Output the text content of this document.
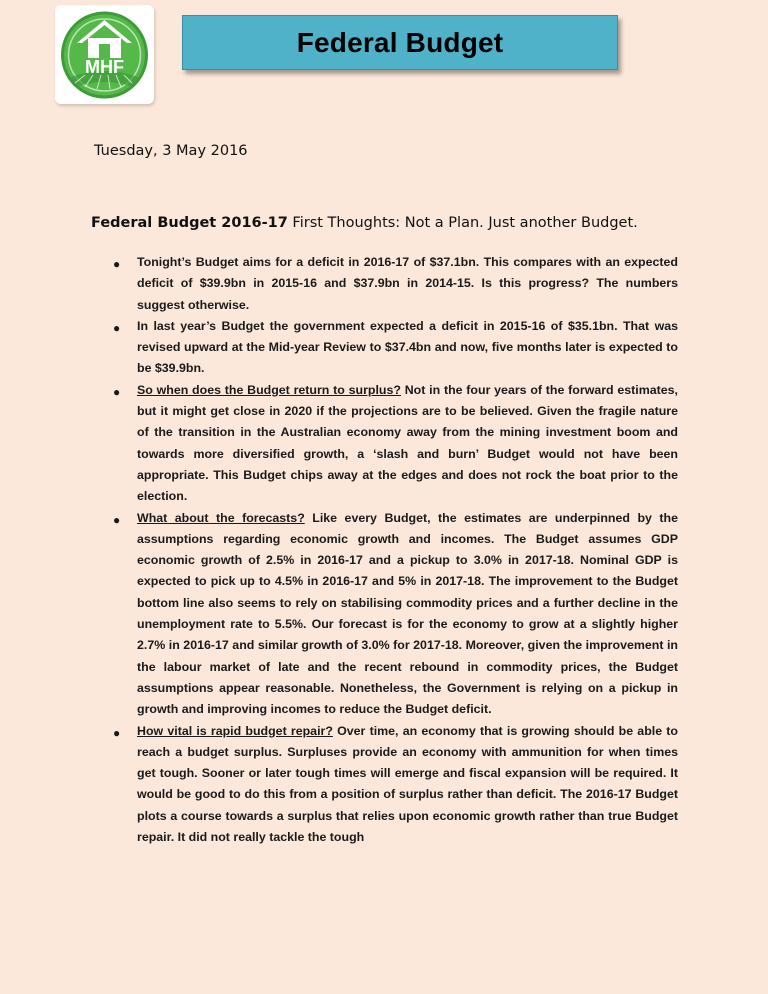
MHF
Federal Budget
Tuesday, 3 May 2016
Federal Budget 2016-17 First Thoughts: Not a Plan. Just another Budget.
● Tonight’s Budget aims for a deficit in 2016-17 of $37.1bn. This compares with an expected deficit of $39.9bn in 2015-16 and $37.9bn in 2014-15. Is this progress? The numbers suggest otherwise.
● In last year’s Budget the government expected a deficit in 2015-16 of $35.1bn. That was revised upward at the Mid-year Review to $37.4bn and now, five months later is expected to be $39.9bn.
● So when does the Budget return to surplus? Not in the four years of the forward estimates, but it might get close in 2020 if the projections are to be believed. Given the fragile nature of the transition in the Australian economy away from the mining investment boom and towards more diversified growth, a ‘slash and burn’ Budget would not have been appropriate. This Budget chips away at the edges and does not rock the boat prior to the election.
● What about the forecasts? Like every Budget, the estimates are underpinned by the assumptions regarding economic growth and incomes. The Budget assumes GDP economic growth of 2.5% in 2016-17 and a pickup to 3.0% in 2017-18. Nominal GDP is expected to pick up to 4.5% in 2016-17 and 5% in 2017-18. The improvement to the Budget bottom line also seems to rely on stabilising commodity prices and a further decline in the unemployment rate to 5.5%. Our forecast is for the economy to grow at a slightly higher 2.7% in 2016-17 and similar growth of 3.0% for 2017-18. Moreover, given the improvement in the labour market of late and the recent rebound in commodity prices, the Budget assumptions appear reasonable. Nonetheless, the Government is relying on a pickup in growth and improving incomes to reduce the Budget deficit.
● How vital is rapid budget repair? Over time, an economy that is growing should be able to reach a budget surplus. Surpluses provide an economy with ammunition for when times get tough. Sooner or later tough times will emerge and fiscal expansion will be required. It would be good to do this from a position of surplus rather than deficit. The 2016-17 Budget plots a course towards a surplus that relies upon economic growth rather than true Budget repair. It did not really tackle the tough
